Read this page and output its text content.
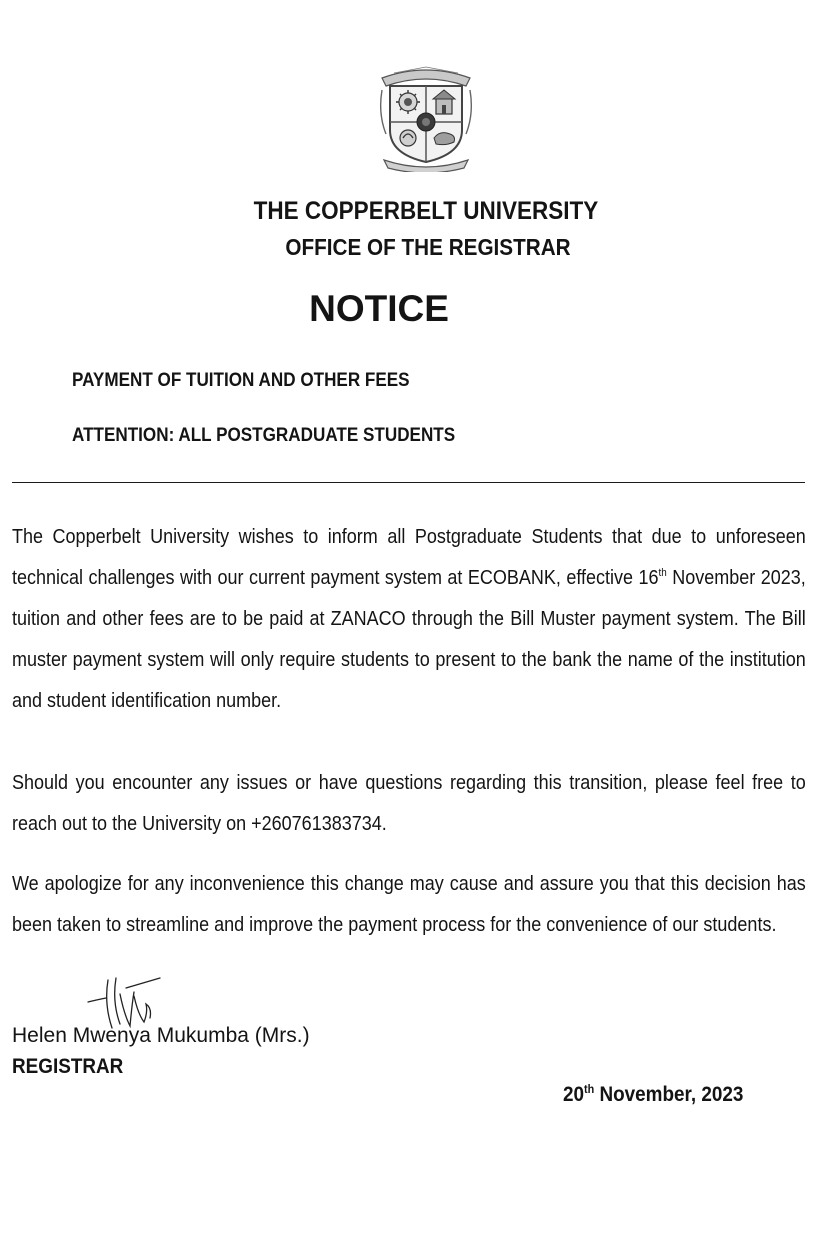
THE COPPERBELT UNIVERSITY
OFFICE OF THE REGISTRAR
NOTICE

PAYMENT OF TUITION AND OTHER FEES

ATTENTION: ALL POSTGRADUATE STUDENTS

The Copperbelt University wishes to inform all Postgraduate Students that due to unforeseen technical challenges with our current payment system at ECOBANK, effective 16th November 2023, tuition and other fees are to be paid at ZANACO through the Bill Muster payment system. The Bill muster payment system will only require students to present to the bank the name of the institution and student identification number.

Should you encounter any issues or have questions regarding this transition, please feel free to reach out to the University on +260761383734.

We apologize for any inconvenience this change may cause and assure you that this decision has been taken to streamline and improve the payment process for the convenience of our students.

Helen Mwenya Mukumba (Mrs.)

REGISTRAR

20th November, 2023
